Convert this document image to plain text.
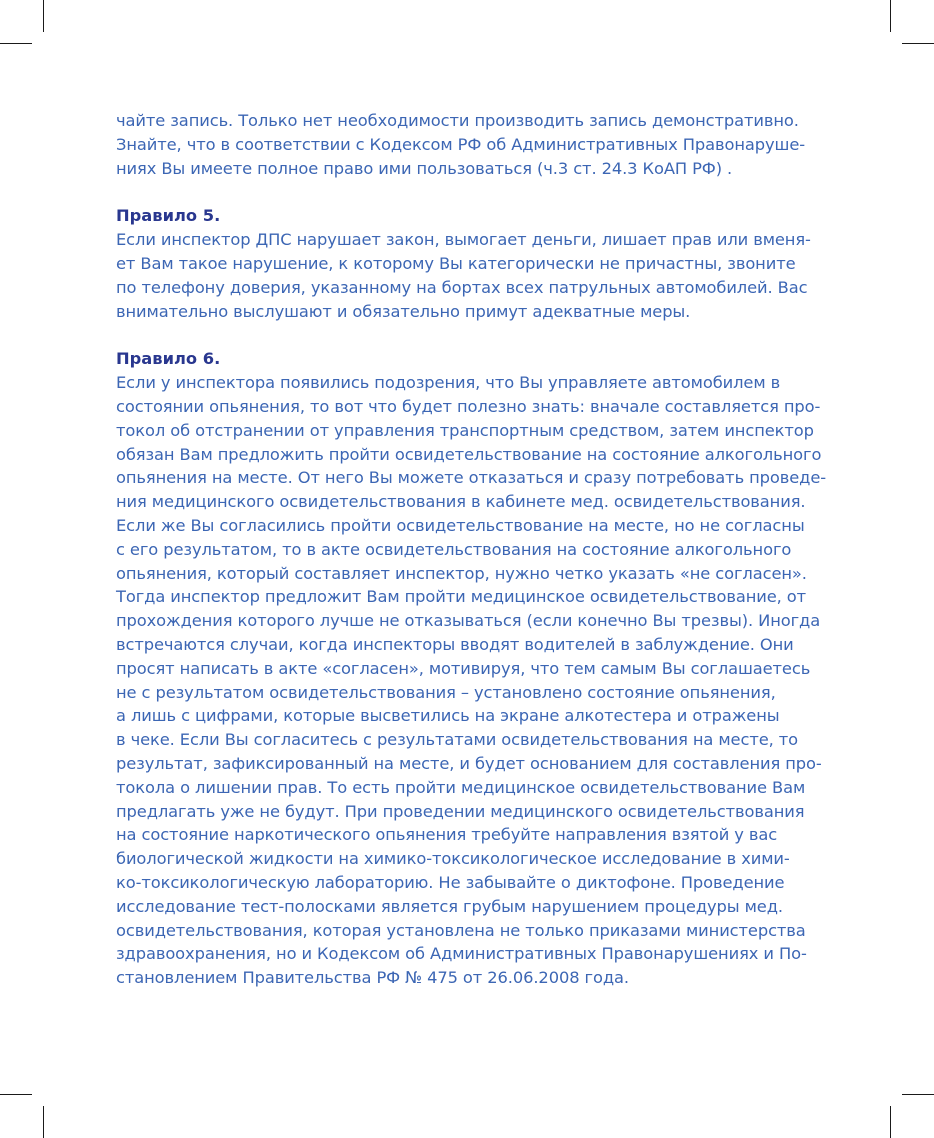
чайте запись. Только нет необходимости производить запись демонстративно.
Знайте, что в соответствии с Кодексом РФ об Административных Правонаруше-
ниях Вы имеете полное право ими пользоваться (ч.3 ст. 24.3 КоАП РФ) .

Правило 5.

Если инспектор ДПС нарушает закон, вымогает деньги, лишает прав или вменя-
ет Вам такое нарушение, к которому Вы категорически не причастны, звоните
по телефону доверия, указанному на бортах всех патрульных автомобилей. Вас
внимательно выслушают и обязательно примут адекватные меры.

Правило 6.

Если у инспектора появились подозрения, что Вы управляете автомобилем в
состоянии опьянения, то вот что будет полезно знать: вначале составляется про-
токол об отстранении от управления транспортным средством, затем инспектор
обязан Вам предложить пройти освидетельствование на состояние алкогольного
опьянения на месте. От него Вы можете отказаться и сразу потребовать проведе-
ния медицинского освидетельствования в кабинете мед. освидетельствования.
Если же Вы согласились пройти освидетельствование на месте, но не согласны
с его результатом, то в акте освидетельствования на состояние алкогольного
опьянения, который составляет инспектор, нужно четко указать «не согласен».
Тогда инспектор предложит Вам пройти медицинское освидетельствование, от
прохождения которого лучше не отказываться (если конечно Вы трезвы). Иногда
встречаются случаи, когда инспекторы вводят водителей в заблуждение. Они
просят написать в акте «согласен», мотивируя, что тем самым Вы соглашаетесь
не с результатом освидетельствования – установлено состояние опьянения,
а лишь с цифрами, которые высветились на экране алкотестера и отражены
в чеке. Если Вы согласитесь с результатами освидетельствования на месте, то
результат, зафиксированный на месте, и будет основанием для составления про-
токола о лишении прав. То есть пройти медицинское освидетельствование Вам
предлагать уже не будут. При проведении медицинского освидетельствования
на состояние наркотического опьянения требуйте направления взятой у вас
биологической жидкости на химико-токсикологическое исследование в хими-
ко-токсикологическую лабораторию. Не забывайте о диктофоне. Проведение
исследование тест-полосками является грубым нарушением процедуры мед.
освидетельствования, которая установлена не только приказами министерства
здравоохранения, но и Кодексом об Административных Правонарушениях и По-
становлением Правительства РФ № 475 от 26.06.2008 года.
